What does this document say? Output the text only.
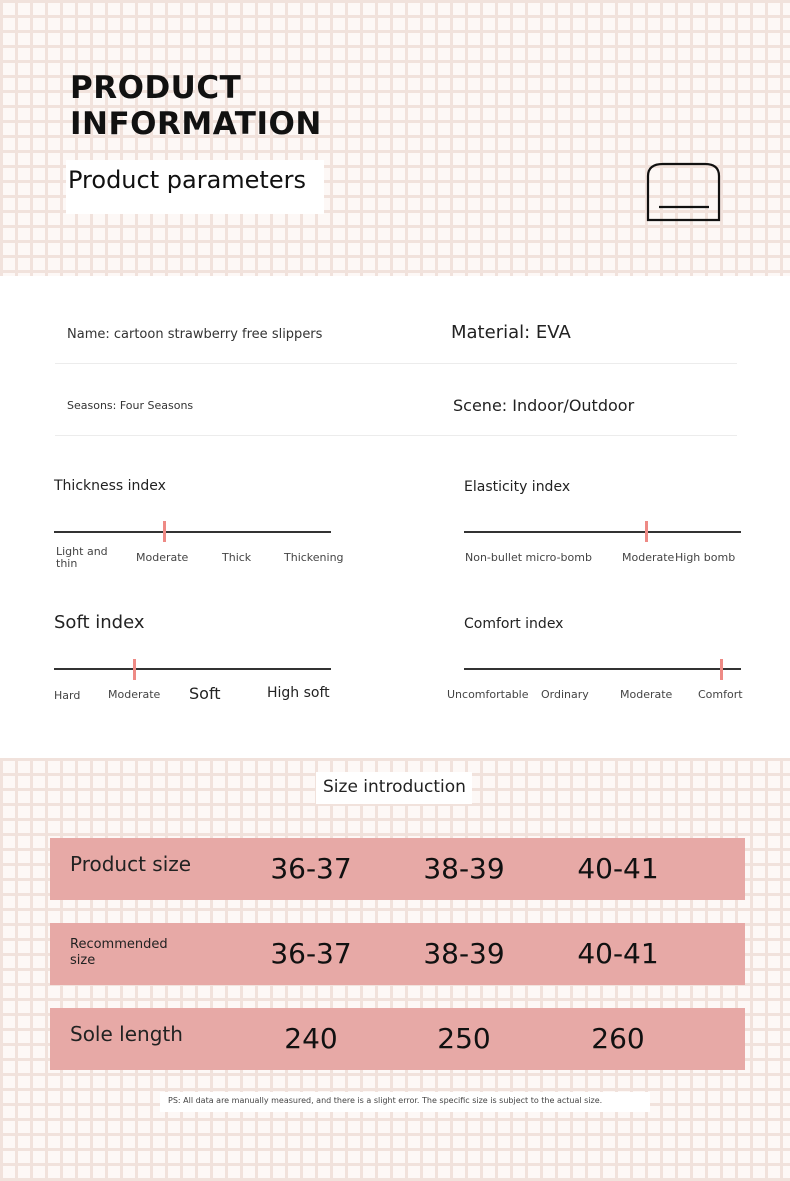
PRODUCT INFORMATION
Product parameters
Name: cartoon strawberry free slippers	Material: EVA
Seasons: Four Seasons	Scene: Indoor/Outdoor
Thickness index
Light and thin	Moderate	Thick	Thickening
Elasticity index
Non-bullet micro-bomb	Moderate High bomb
Soft index
Hard	Moderate Soft	High soft
Comfort index
Uncomfortable Ordinary	Moderate Comfort
Size introduction
Product size	36-37	38-39	40-41
Recommended size	36-37	38-39	40-41
Sole length	240	250	260
PS: All data are manually measured, and there is a slight error. The specific size is subject to the actual size.
